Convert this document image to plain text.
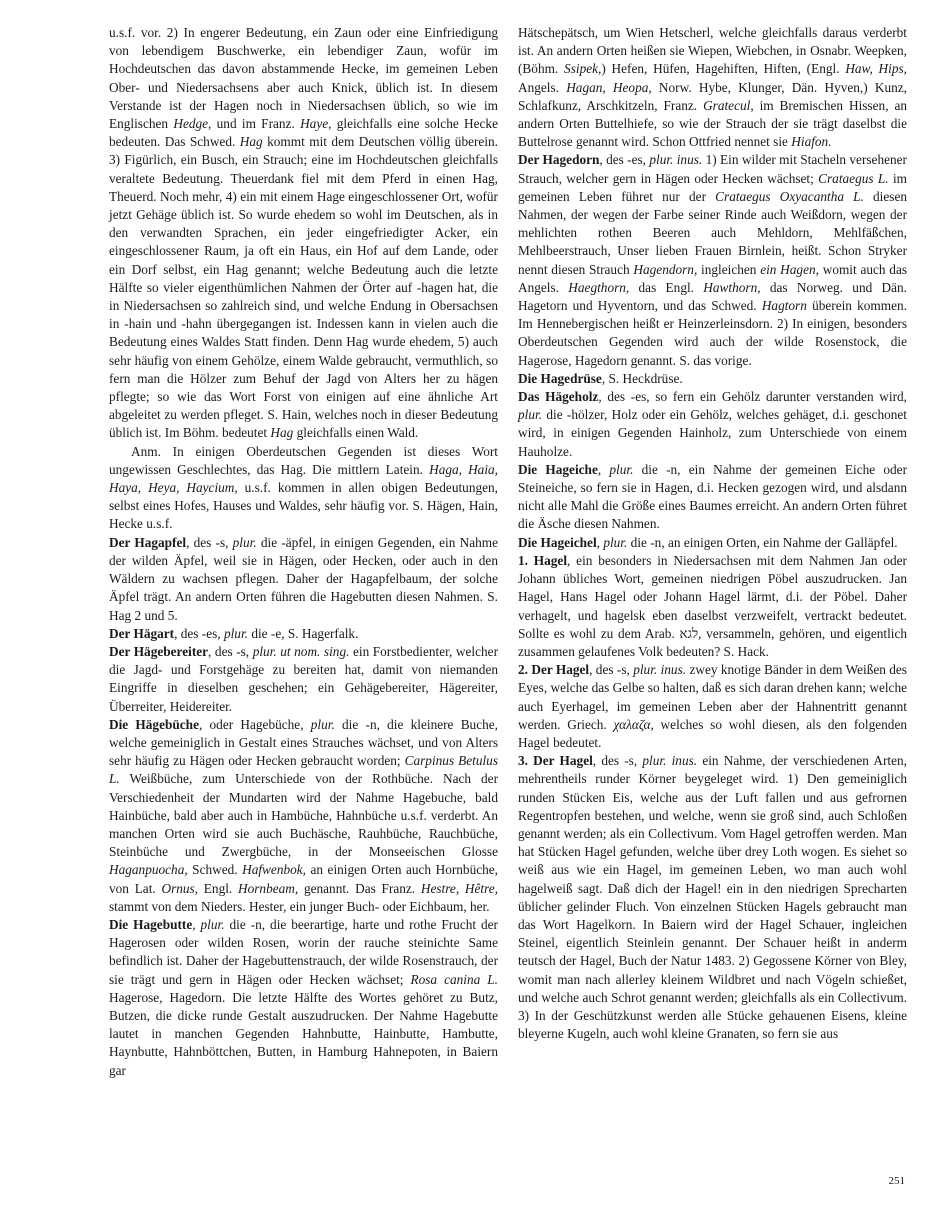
u.s.f. vor. 2) In engerer Bedeutung, ein Zaun oder eine Einfriedigung von lebendigem Buschwerke, ein lebendiger Zaun, wofür im Hochdeutschen das davon abstammende Hecke, im gemeinen Leben Ober- und Niedersachsens aber auch Knick, üblich ist. In diesem Verstande ist der Hagen noch in Niedersachsen üblich, so wie im Englischen Hedge, und im Franz. Haye, gleichfalls eine solche Hecke bedeuten. Das Schwed. Hag kommt mit dem Deutschen völlig überein. 3) Figürlich, ein Busch, ein Strauch; eine im Hochdeutschen gleichfalls veraltete Bedeutung. Theuerdank fiel mit dem Pferd in einen Hag, Theuerd. Noch mehr, 4) ein mit einem Hage eingeschlossener Ort, wofür jetzt Gehäge üblich ist. So wurde ehedem so wohl im Deutschen, als in den verwandten Sprachen, ein jeder eingefriedigter Acker, ein eingeschlossener Raum, ja oft ein Haus, ein Hof auf dem Lande, oder ein Dorf selbst, ein Hag genannt; welche Bedeutung auch die letzte Hälfte so vieler eigenthümlichen Nahmen der Örter auf -hagen hat, die in Niedersachsen so zahlreich sind, und welche Endung in Obersachsen in -hain und -hahn übergegangen ist. Indessen kann in vielen auch die Bedeutung eines Waldes Statt finden. Denn Hag wurde ehedem, 5) auch sehr häufig von einem Gehölze, einem Walde gebraucht, vermuthlich, so fern man die Hölzer zum Behuf der Jagd von Alters her zu hägen pflegte; so wie das Wort Forst von einigen auf eine ähnliche Art abgeleitet zu werden pfleget. S. Hain, welches noch in dieser Bedeutung üblich ist. Im Böhm. bedeutet Hag gleichfalls einen Wald.

Anm. In einigen Oberdeutschen Gegenden ist dieses Wort ungewissen Geschlechtes, das Hag. Die mittlern Latein. Haga, Haia, Haya, Heya, Haycium, u.s.f. kommen in allen obigen Bedeutungen, selbst eines Hofes, Hauses und Waldes, sehr häufig vor. S. Hägen, Hain, Hecke u.s.f.

Der Hagapfel, des -s, plur. die -äpfel, in einigen Gegenden, ein Nahme der wilden Äpfel, weil sie in Hägen, oder Hecken, oder auch in den Wäldern zu wachsen pflegen. Daher der Hagapfelbaum, der solche Äpfel trägt. An andern Orten führen die Hagebutten diesen Nahmen. S. Hag 2 und 5.

Der Hägart, des -es, plur. die -e, S. Hagerfalk.

Der Hägebereiter, des -s, plur. ut nom. sing. ein Forstbedienter, welcher die Jagd- und Forstgehäge zu bereiten hat, damit von niemanden Eingriffe in dieselben geschehen; ein Gehägebereiter, Hägereiter, Überreiter, Heidereiter.

Die Hägebüche, oder Hagebüche, plur. die -n, die kleinere Buche, welche gemeiniglich in Gestalt eines Strauches wächset, und von Alters sehr häufig zu Hägen oder Hecken gebraucht worden; Carpinus Betulus L. Weißbüche, zum Unterschiede von der Rothbüche. Nach der Verschiedenheit der Mundarten wird der Nahme Hagebuche, bald Hainbüche, bald aber auch in Hambüche, Hahnbüche u.s.f. verderbt. An manchen Orten wird sie auch Buchäsche, Rauhbüche, Rauchbüche, Steinbüche und Zwergbüche, in der Monseeischen Glosse Haganpuocha, Schwed. Hafwenbok, an einigen Orten auch Hornbüche, von Lat. Ornus, Engl. Hornbeam, genannt. Das Franz. Hestre, Hêtre, stammt von dem Nieders. Hester, ein junger Buch- oder Eichbaum, her.

Die Hagebutte, plur. die -n, die beerartige, harte und rothe Frucht der Hagerosen oder wilden Rosen, worin der rauche steinichte Same befindlich ist. Daher der Hagebuttenstrauch, der wilde Rosenstrauch, der sie trägt und gern in Hägen oder Hecken wächset; Rosa canina L. Hagerose, Hagedorn. Die letzte Hälfte des Wortes gehöret zu Butz, Butzen, die dicke runde Gestalt auszudrucken. Der Nahme Hagebutte lautet in manchen Gegenden Hahnbutte, Hainbutte, Hambutte, Haynbutte, Hahnböttchen, Butten, in Hamburg Hahnepoten, in Baiern gar

Hätschepätsch, um Wien Hetscherl, welche gleichfalls daraus verderbt ist. An andern Orten heißen sie Wiepen, Wiebchen, in Osnabr. Weepken, (Böhm. Ssipek,) Hefen, Hüfen, Hagehiften, Hiften, (Engl. Haw, Hips, Angels. Hagan, Heopa, Norw. Hybe, Klunger, Dän. Hyven,) Kunz, Schlafkunz, Arschkitzeln, Franz. Gratecul, im Bremischen Hissen, an andern Orten Buttelhiefe, so wie der Strauch der sie trägt daselbst die Buttelrose genannt wird. Schon Ottfried nennet sie Hiafon.

Der Hagedorn, des -es, plur. inus. 1) Ein wilder mit Stacheln versehener Strauch, welcher gern in Hägen oder Hecken wächset; Crataegus L. im gemeinen Leben führet nur der Crataegus Oxyacantha L. diesen Nahmen, der wegen der Farbe seiner Rinde auch Weißdorn, wegen der mehlichten rothen Beeren auch Mehldorn, Mehlfäßchen, Mehlbeerstrauch, Unser lieben Frauen Birnlein, heißt. Schon Stryker nennt diesen Strauch Hagendorn, ingleichen ein Hagen, womit auch das Angels. Haegthorn, das Engl. Hawthorn, das Norweg. und Dän. Hagetorn und Hyventorn, und das Schwed. Hagtorn überein kommen. Im Hennebergischen heißt er Heinzerleinsdorn. 2) In einigen, besonders Oberdeutschen Gegenden wird auch der wilde Rosenstock, die Hagerose, Hagedorn genannt. S. das vorige.

Die Hagedrüse, S. Heckdrüse.

Das Hägeholz, des -es, so fern ein Gehölz darunter verstanden wird, plur. die -hölzer, Holz oder ein Gehölz, welches gehäget, d.i. geschonet wird, in einigen Gegenden Hainholz, zum Unterschiede von einem Hauholze.

Die Hageiche, plur. die -n, ein Nahme der gemeinen Eiche oder Steineiche, so fern sie in Hagen, d.i. Hecken gezogen wird, und alsdann nicht alle Mahl die Größe eines Baumes erreicht. An andern Orten führet die Äsche diesen Nahmen.

Die Hageichel, plur. die -n, an einigen Orten, ein Nahme der Galläpfel.

1. Hagel, ein besonders in Niedersachsen mit dem Nahmen Jan oder Johann übliches Wort, gemeinen niedrigen Pöbel auszudrucken. Jan Hagel, Hans Hagel oder Johann Hagel lärmt, d.i. der Pöbel. Daher verhagelt, und hagelsk eben daselbst verzweifelt, vertrackt bedeutet. Sollte es wohl zu dem Arab. לגא, versammeln, gehören, und eigentlich zusammen gelaufenes Volk bedeuten? S. Hack.

2. Der Hagel, des -s, plur. inus. zwey knotige Bänder in dem Weißen des Eyes, welche das Gelbe so halten, daß es sich daran drehen kann; welche auch Eyerhagel, im gemeinen Leben aber der Hahnentritt genannt werden. Griech. χαλαζα, welches so wohl diesen, als den folgenden Hagel bedeutet.

3. Der Hagel, des -s, plur. inus. ein Nahme, der verschiedenen Arten, mehrentheils runder Körner beygeleget wird. 1) Den gemeiniglich runden Stücken Eis, welche aus der Luft fallen und aus gefrornen Regentropfen bestehen, und welche, wenn sie groß sind, auch Schloßen genannt werden; als ein Collectivum. Vom Hagel getroffen werden. Man hat Stücken Hagel gefunden, welche über drey Loth wogen. Es siehet so weiß aus wie ein Hagel, im gemeinen Leben, wo man auch wohl hagelweiß sagt. Daß dich der Hagel! ein in den niedrigen Sprecharten üblicher gelinder Fluch. Von einzelnen Stücken Hagels gebraucht man das Wort Hagelkorn. In Baiern wird der Hagel Schauer, ingleichen Steinel, eigentlich Steinlein genannt. Der Schauer heißt in anderm teutsch der Hagel, Buch der Natur 1483. 2) Gegossene Körner von Bley, womit man nach allerley kleinem Wildbret und nach Vögeln schießet, und welche auch Schrot genannt werden; gleichfalls als ein Collectivum. 3) In der Geschützkunst werden alle Stücke gehauenen Eisens, kleine bleyerne Kugeln, auch wohl kleine Granaten, so fern sie aus

251
